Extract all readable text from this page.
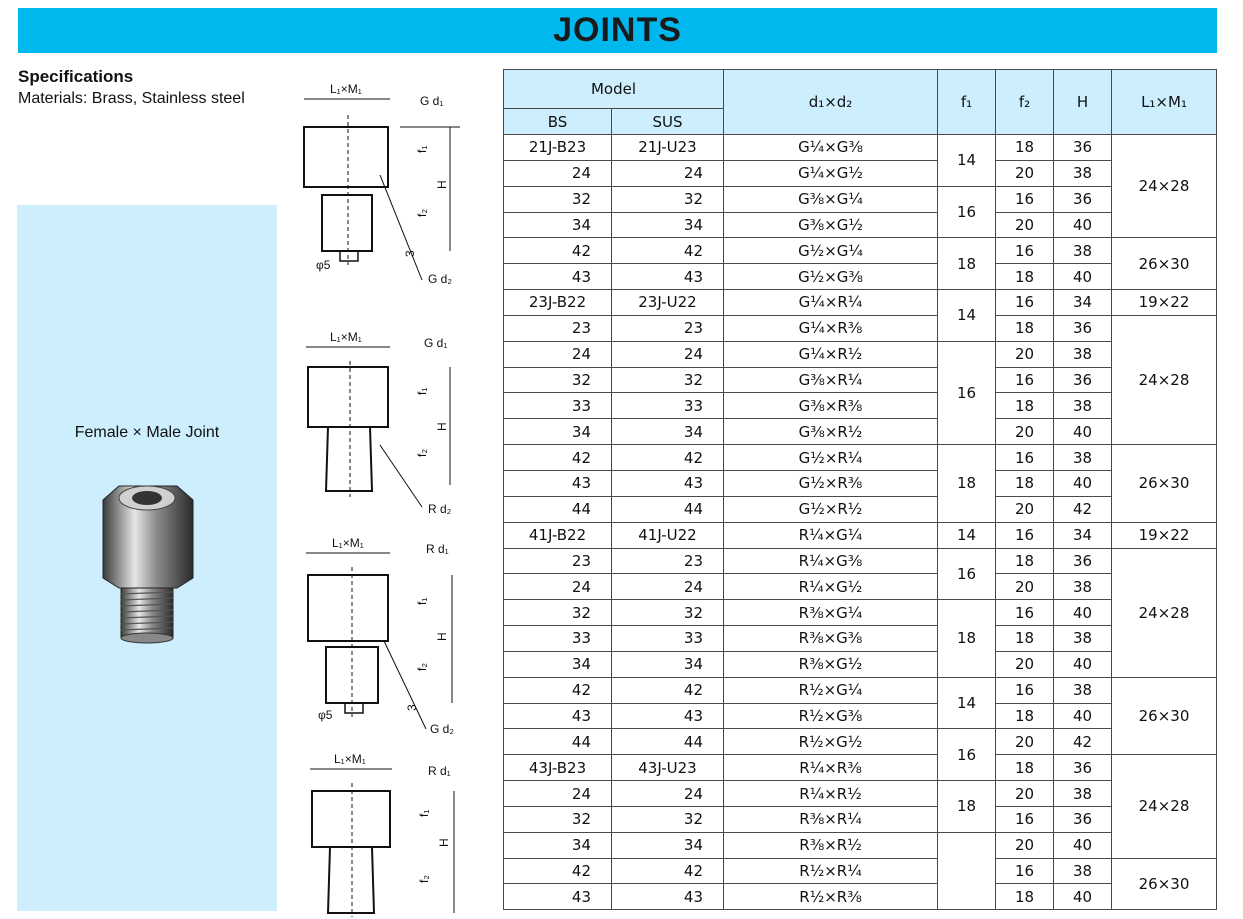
JOINTS
Specifications
Materials: Brass, Stainless steel
Female × Male Joint
L₁×M₁
G d₁
H
f₁
f₂
φ5
3
G d₂
L₁×M₁	G d₁
H
f₁
f₂
R d₂
L₁×M₁	R d₁
H
f₁
f₂
φ5
3
G d₂
L₁×M₁
R d₁
H
f₁
f₂
Model		d₁×d₂	f₁	f₂	H	L₁×M₁
BS	SUS					
21J-B23	21J-U23	G¼×G⅜	14	18	36	24×28
24	24	G¼×G½		20	38	
32	32	G⅜×G¼	16	16	36	
34	34	G⅜×G½		20	40	
42	42	G½×G¼	18	16	38	26×30
43	43	G½×G⅜		18	40	
23J-B22	23J-U22	G¼×R¼	14	16	34	19×22
23	23	G¼×R⅜		18	36	24×28
24	24	G¼×R½	16	20	38	
32	32	G⅜×R¼		16	36	
33	33	G⅜×R⅜		18	38	
34	34	G⅜×R½		20	40	
42	42	G½×R¼	18	16	38	26×30
43	43	G½×R⅜		18	40	
44	44	G½×R½		20	42	
41J-B22	41J-U22	R¼×G¼	14	16	34	19×22
23	23	R¼×G⅜	16	18	36	24×28
24	24	R¼×G½		20	38	
32	32	R⅜×G¼	18	16	40	
33	33	R⅜×G⅜		18	38	
34	34	R⅜×G½		20	40	
42	42	R½×G¼	14	16	38	26×30
43	43	R½×G⅜		18	40	
44	44	R½×G½	16	20	42	
43J-B23	43J-U23	R¼×R⅜		18	36	24×28
24	24	R¼×R½	18	20	38	
32	32	R⅜×R¼		16	36	
34	34	R⅜×R½		20	40	
42	42	R½×R¼		16	38	26×30
43	43	R½×R⅜		18	40	
